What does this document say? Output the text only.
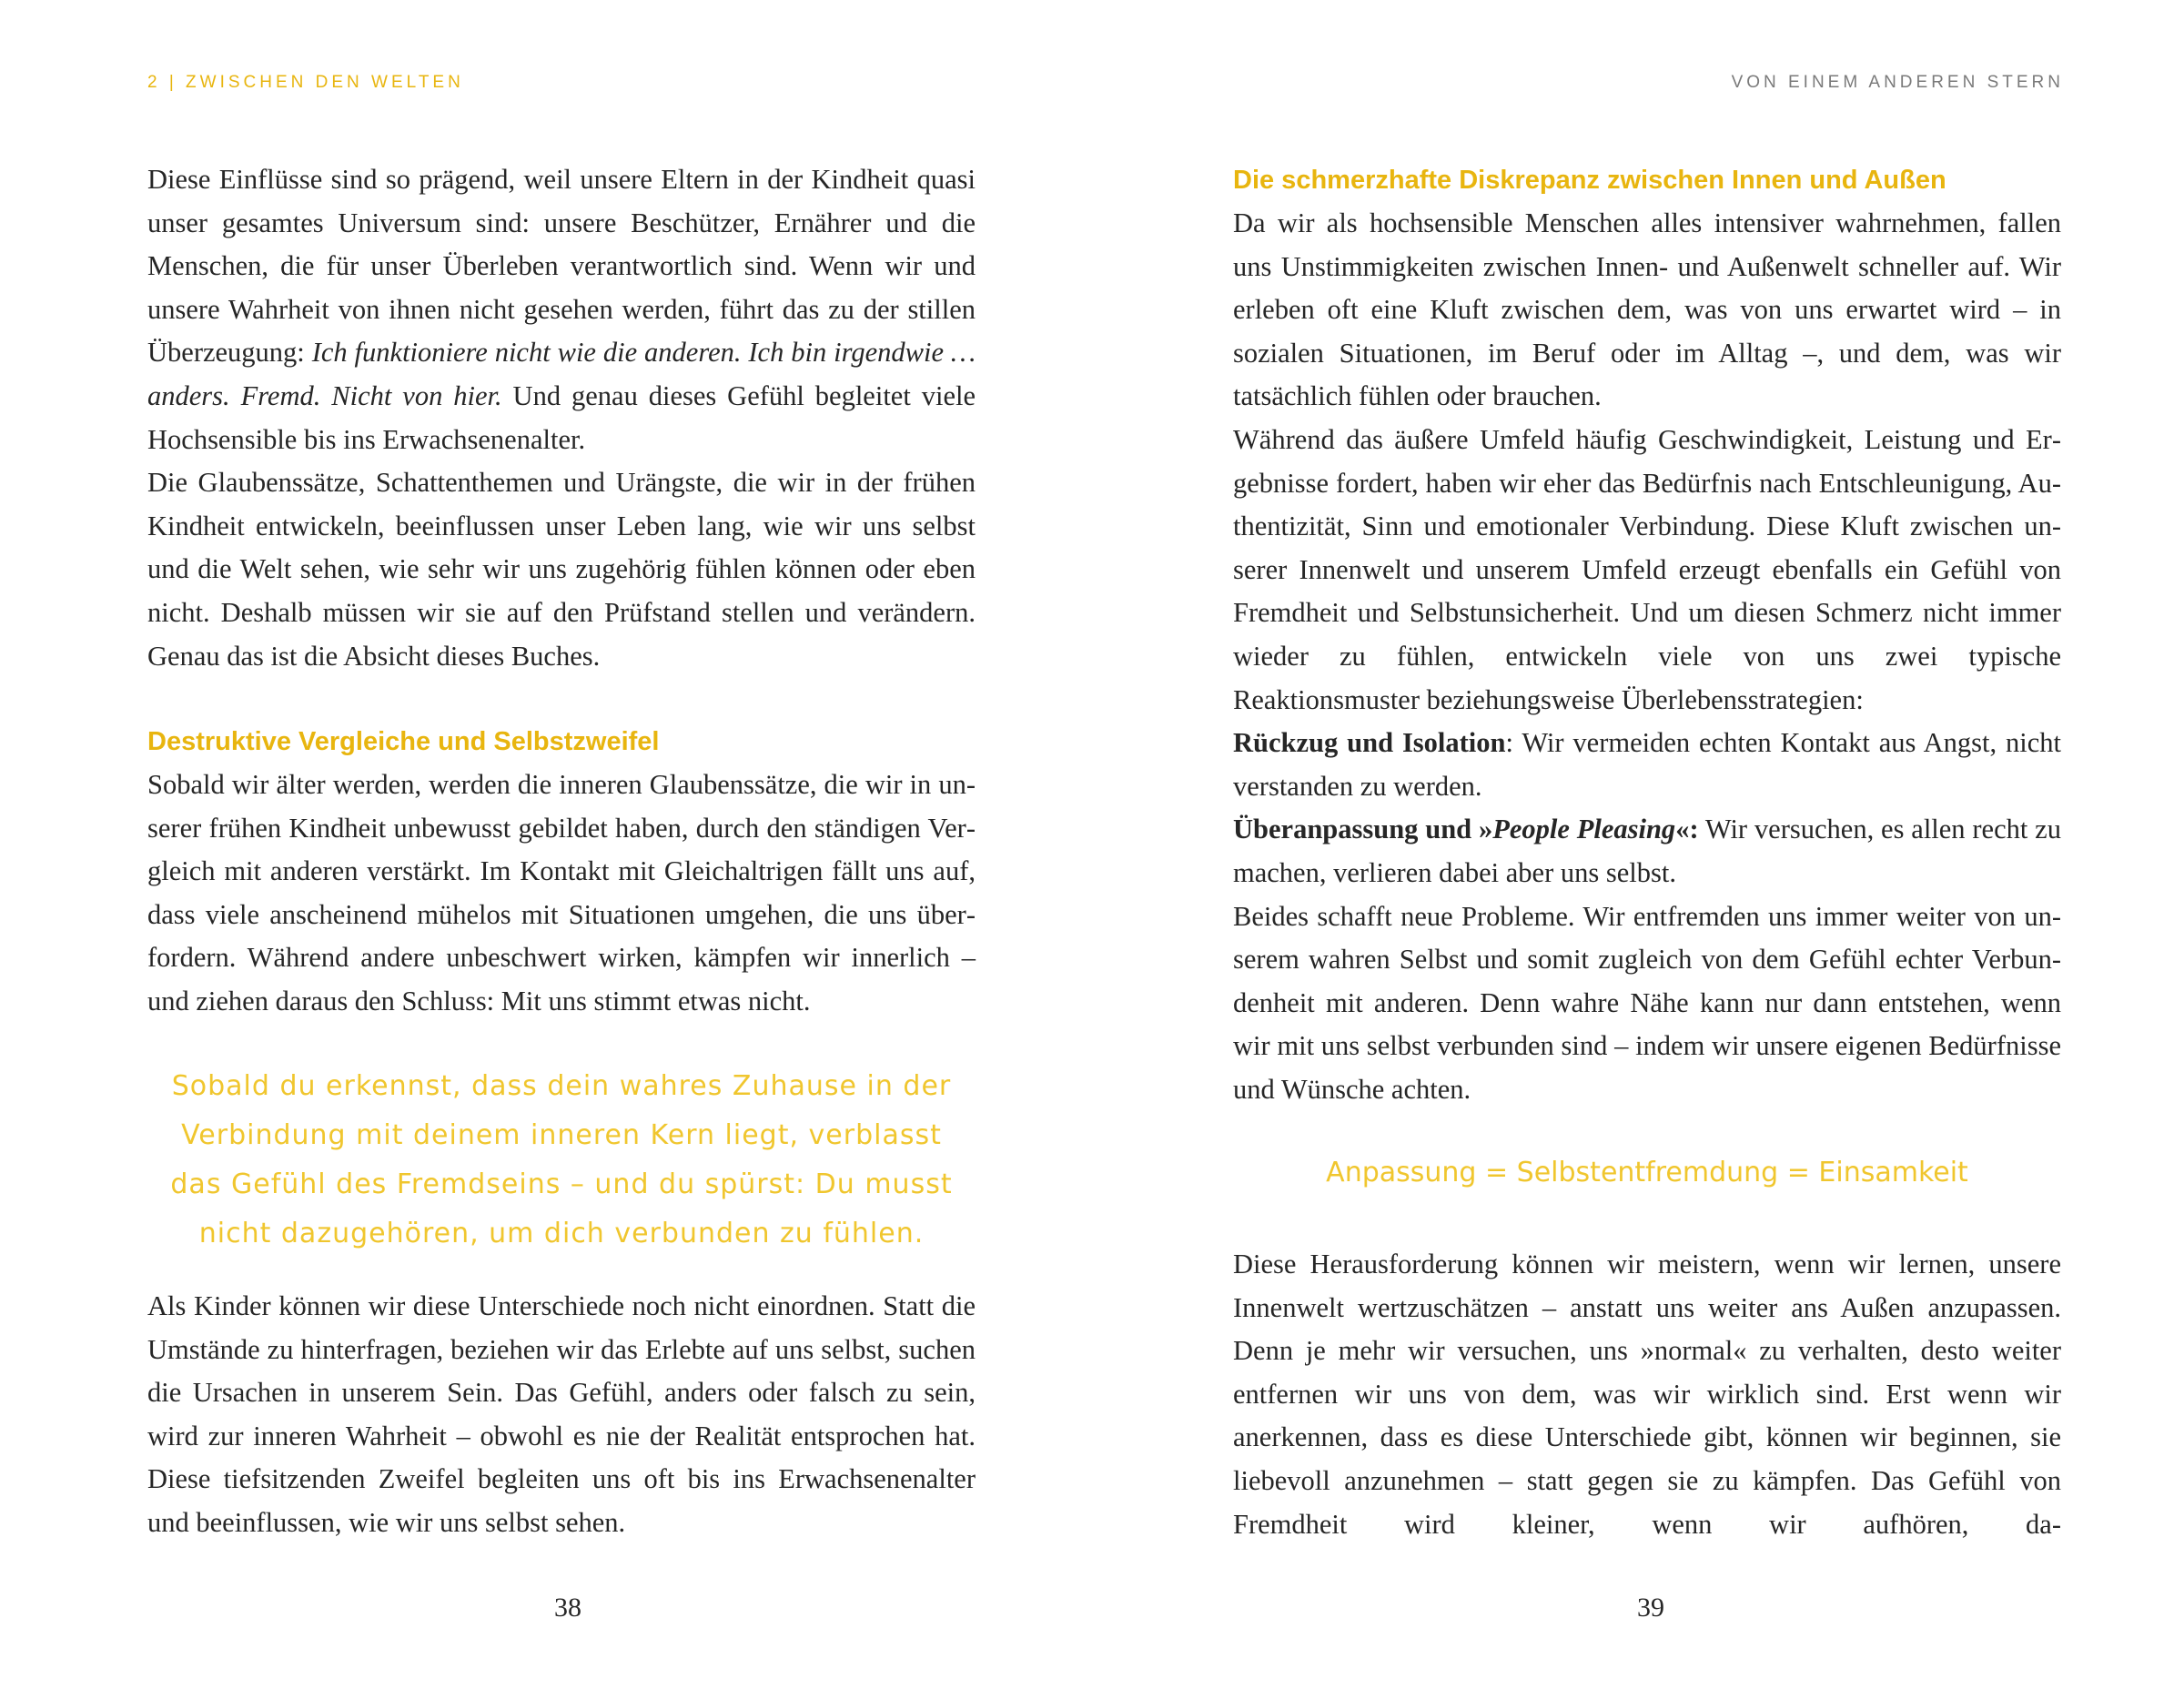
2 | ZWISCHEN DEN WELTEN

Diese Einflüsse sind so prägend, weil unsere Eltern in der Kindheit quasi unser gesamtes Universum sind: unsere Beschützer, Ernährer und die Menschen, die für unser Überleben verantwortlich sind. Wenn wir und unsere Wahrheit von ihnen nicht gesehen werden, führt das zu der stillen Überzeugung: Ich funktioniere nicht wie die anderen. Ich bin irgendwie … anders. Fremd. Nicht von hier. Und genau dieses Gefühl begleitet viele Hochsensible bis ins Erwachsenenalter.

Die Glaubenssätze, Schattenthemen und Urängste, die wir in der frühen Kindheit entwickeln, beeinflussen unser Leben lang, wie wir uns selbst und die Welt sehen, wie sehr wir uns zugehörig fühlen können oder eben nicht. Deshalb müssen wir sie auf den Prüfstand stellen und verändern. Genau das ist die Absicht dieses Buches.

Destruktive Vergleiche und Selbstzweifel

Sobald wir älter werden, werden die inneren Glaubenssätze, die wir in unserer frühen Kindheit unbewusst gebildet haben, durch den ständigen Vergleich mit anderen verstärkt. Im Kontakt mit Gleichaltrigen fällt uns auf, dass viele anscheinend mühelos mit Situationen umgehen, die uns überfordern. Während andere unbeschwert wirken, kämpfen wir innerlich – und ziehen daraus den Schluss: Mit uns stimmt etwas nicht.

Sobald du erkennst, dass dein wahres Zuhause in der
Verbindung mit deinem inneren Kern liegt, verblasst
das Gefühl des Fremdseins – und du spürst: Du musst
nicht dazugehören, um dich verbunden zu fühlen.

Als Kinder können wir diese Unterschiede noch nicht einordnen. Statt die Umstände zu hinterfragen, beziehen wir das Erlebte auf uns selbst, suchen die Ursachen in unserem Sein. Das Gefühl, anders oder falsch zu sein, wird zur inneren Wahrheit – obwohl es nie der Realität entsprochen hat. Diese tiefsitzenden Zweifel begleiten uns oft bis ins Erwachsenenalter und beeinflussen, wie wir uns selbst sehen.

38
VON EINEM ANDEREN STERN
Die schmerzhafte Diskrepanz zwischen Innen und Außen

Da wir als hochsensible Menschen alles intensiver wahrnehmen, fallen uns Unstimmigkeiten zwischen Innen- und Außenwelt schneller auf. Wir erleben oft eine Kluft zwischen dem, was von uns erwartet wird – in sozialen Situationen, im Beruf oder im Alltag –, und dem, was wir tatsächlich fühlen oder brauchen.

Während das äußere Umfeld häufig Geschwindigkeit, Leistung und Ergebnisse fordert, haben wir eher das Bedürfnis nach Entschleunigung, Authentizität, Sinn und emotionaler Verbindung. Diese Kluft zwischen unserer Innenwelt und unserem Umfeld erzeugt ebenfalls ein Gefühl von Fremdheit und Selbstunsicherheit. Und um diesen Schmerz nicht immer wieder zu fühlen, entwickeln viele von uns zwei typische Reaktionsmuster beziehungsweise Überlebensstrategien:

Rückzug und Isolation: Wir vermeiden echten Kontakt aus Angst, nicht verstanden zu werden.

Überanpassung und »People Pleasing«: Wir versuchen, es allen recht zu machen, verlieren dabei aber uns selbst.

Beides schafft neue Probleme. Wir entfremden uns immer weiter von unserem wahren Selbst und somit zugleich von dem Gefühl echter Verbundenheit mit anderen. Denn wahre Nähe kann nur dann entstehen, wenn wir mit uns selbst verbunden sind – indem wir unsere eigenen Bedürfnisse und Wünsche achten.

Anpassung = Selbstentfremdung = Einsamkeit

Diese Herausforderung können wir meistern, wenn wir lernen, unsere Innenwelt wertzuschätzen – anstatt uns weiter ans Außen anzupassen. Denn je mehr wir versuchen, uns »normal« zu verhalten, desto weiter entfernen wir uns von dem, was wir wirklich sind. Erst wenn wir anerkennen, dass es diese Unterschiede gibt, können wir beginnen, sie liebevoll anzunehmen – statt gegen sie zu kämpfen. Das Gefühl von Fremdheit wird kleiner, wenn wir aufhören, da-

39
